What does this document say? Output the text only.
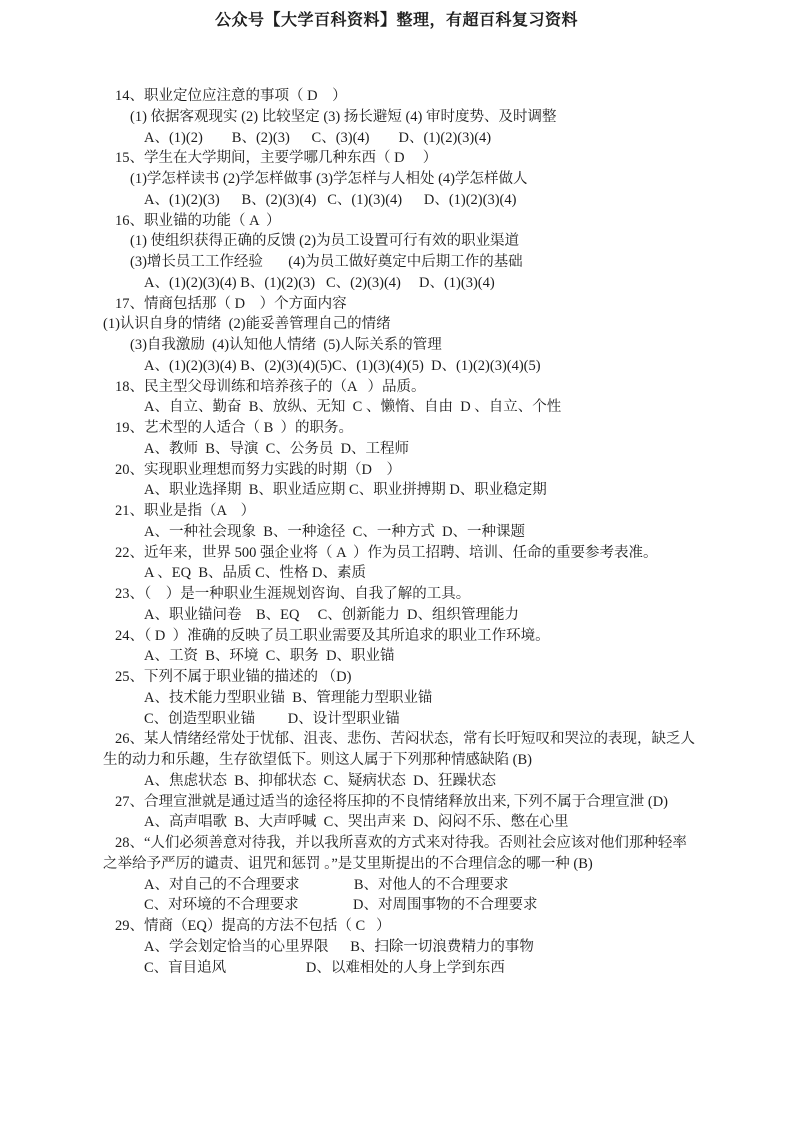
公众号【大学百科资料】整理，有超百科复习资料
14、职业定位应注意的事项（ D    ）
(1) 依据客观现实 (2) 比较坚定 (3) 扬长避短 (4) 审时度势、及时调整
A、(1)(2)        B、(2)(3)      C、(3)(4)        D、(1)(2)(3)(4)
15、学生在大学期间，主要学哪几种东西（ D     ）
(1)学怎样读书 (2)学怎样做事 (3)学怎样与人相处 (4)学怎样做人
A、(1)(2)(3)      B、(2)(3)(4)   C、(1)(3)(4)      D、(1)(2)(3)(4)
16、职业锚的功能（ A  ）
(1) 使组织获得正确的反馈 (2)为员工设置可行有效的职业渠道
(3)增长员工工作经验       (4)为员工做好奠定中后期工作的基础
A、(1)(2)(3)(4) B、(1)(2)(3)   C、(2)(3)(4)     D、(1)(3)(4)
17、情商包括那（ D    ）个方面内容
(1)认识自身的情绪  (2)能妥善管理自己的情绪
(3)自我激励  (4)认知他人情绪  (5)人际关系的管理
A、(1)(2)(3)(4) B、(2)(3)(4)(5)C、(1)(3)(4)(5)  D、(1)(2)(3)(4)(5)
18、民主型父母训练和培养孩子的（A   ）品质。
A、自立、勤奋  B、放纵、无知  C 、懒惰、自由  D 、自立、个性
19、艺术型的人适合（ B  ）的职务。
A、教师  B、导演  C、公务员  D、工程师
20、实现职业理想而努力实践的时期（D    ）
A、职业选择期  B、职业适应期 C、职业拼搏期 D、职业稳定期
21、职业是指（A    ）
A、一种社会现象  B、一种途径  C、一种方式  D、一种课题
22、近年来，世界 500 强企业将（ A  ）作为员工招聘、培训、任命的重要参考表准。
A 、EQ  B、品质 C、性格 D、素质
23、（    ）是一种职业生涯规划咨询、自我了解的工具。
A、职业锚问卷    B、EQ     C、创新能力  D、组织管理能力
24、（ D  ）准确的反映了员工职业需要及其所追求的职业工作环境。
A、工资  B、环境  C、职务  D、职业锚
25、下列不属于职业锚的描述的 （D)
A、技术能力型职业锚  B、管理能力型职业锚
C、创造型职业锚         D、设计型职业锚
26、某人情绪经常处于忧郁、沮丧、悲伤、苦闷状态，常有长吁短叹和哭泣的表现，缺乏人
生的动力和乐趣，生存欲望低下。则这人属于下列那种情感缺陷 (B)
A、焦虑状态  B、抑郁状态  C、疑病状态  D、狂躁状态
27、合理宣泄就是通过适当的途径将压抑的不良情绪释放出来, 下列不属于合理宣泄 (D)
A、高声唱歌  B、大声呼喊  C、哭出声来  D、闷闷不乐、憋在心里
28、“人们必须善意对待我，并以我所喜欢的方式来对待我。否则社会应该对他们那种轻率
之举给予严厉的谴责、诅咒和惩罚 。”是艾里斯提出的不合理信念的哪一种 (B)
A、对自己的不合理要求               B、对他人的不合理要求
C、对环境的不合理要求               D、对周围事物的不合理要求
29、情商（EQ）提高的方法不包括（ C   ）
A、学会划定恰当的心里界限      B、扫除一切浪费精力的事物
C、盲目追风                      D、以难相处的人身上学到东西
